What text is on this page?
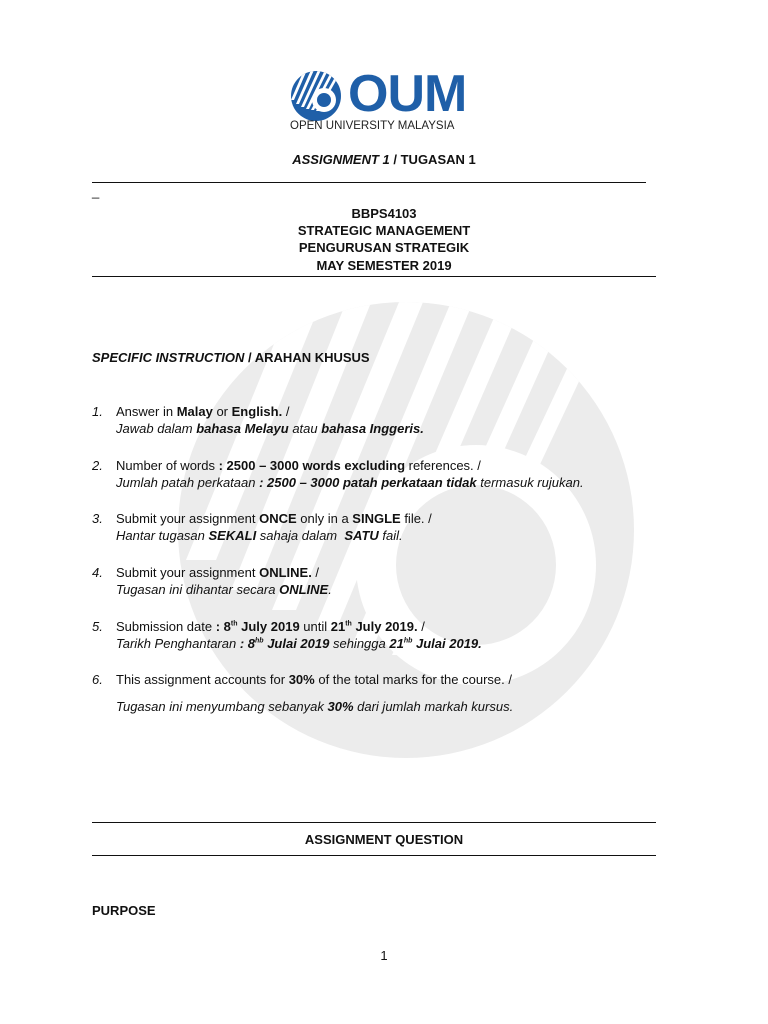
OUM
OPEN UNIVERSITY MALAYSIA
ASSIGNMENT 1 / TUGASAN 1
_
BBPS4103
STRATEGIC MANAGEMENT
PENGURUSAN STRATEGIK
MAY SEMESTER 2019
SPECIFIC INSTRUCTION / ARAHAN KHUSUS
1. Answer in Malay or English. /
Jawab dalam bahasa Melayu atau bahasa Inggeris.
2. Number of words : 2500 – 3000 words excluding references. /
Jumlah patah perkataan : 2500 – 3000 patah perkataan tidak termasuk rujukan.
3. Submit your assignment ONCE only in a SINGLE file. /
Hantar tugasan SEKALI sahaja dalam  SATU fail.
4. Submit your assignment ONLINE. /
Tugasan ini dihantar secara ONLINE.
5. Submission date : 8th July 2019 until 21th July 2019. /
Tarikh Penghantaran : $8^{hb}$ Julai 2019 sehingga $21^{hb}$ Julai 2019.
6. This assignment accounts for 30% of the total marks for the course. /
Tugasan ini menyumbang sebanyak 30% dari jumlah markah kursus.
ASSIGNMENT QUESTION
PURPOSE
1
